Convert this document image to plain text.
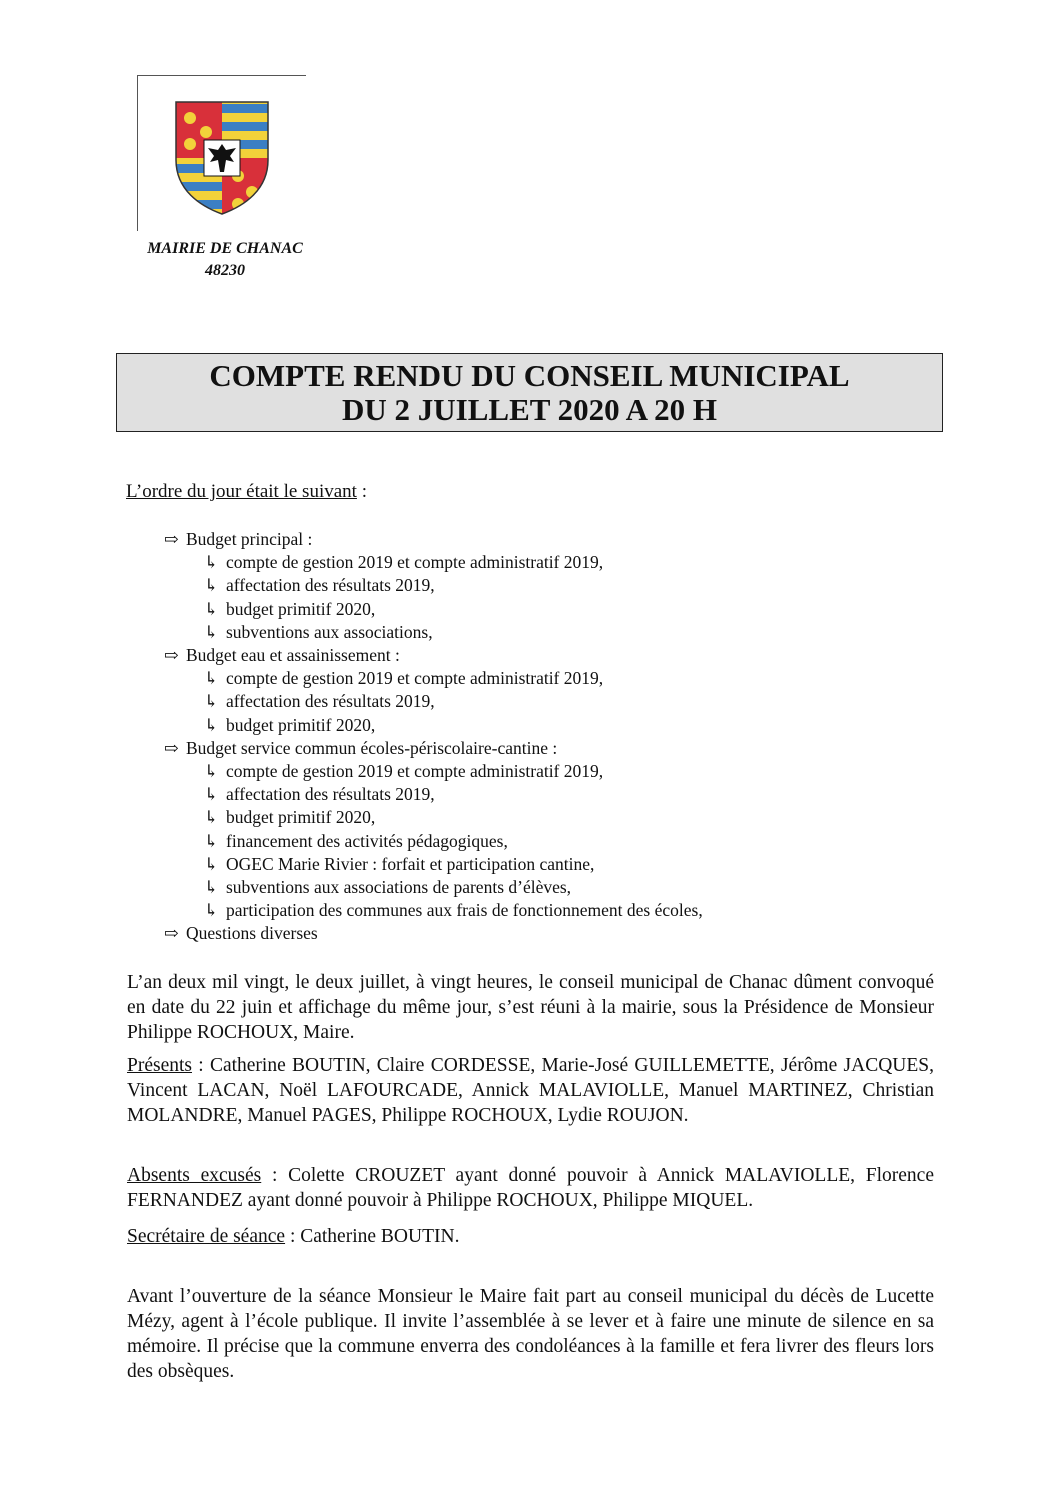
MAIRIE DE CHANAC
48230
COMPTE RENDU DU CONSEIL MUNICIPAL
DU 2 JUILLET 2020 A 20 H
L’ordre du jour était le suivant :
⇨ Budget principal :
↳ compte de gestion 2019 et compte administratif 2019,
↳ affectation des résultats 2019,
↳ budget primitif 2020,
↳ subventions aux associations,
⇨ Budget eau et assainissement :
↳ compte de gestion 2019 et compte administratif 2019,
↳ affectation des résultats 2019,
↳ budget primitif 2020,
⇨ Budget service commun écoles-périscolaire-cantine :
↳ compte de gestion 2019 et compte administratif 2019,
↳ affectation des résultats 2019,
↳ budget primitif 2020,
↳ financement des activités pédagogiques,
↳ OGEC Marie Rivier : forfait et participation cantine,
↳ subventions aux associations de parents d’élèves,
↳ participation des communes aux frais de fonctionnement des écoles,
⇨ Questions diverses
L’an deux mil vingt, le deux juillet, à vingt heures, le conseil municipal de Chanac dûment convoqué en date du 22 juin et affichage du même jour, s’est réuni à la mairie, sous la Présidence de Monsieur Philippe ROCHOUX, Maire.
Présents : Catherine BOUTIN, Claire CORDESSE, Marie-José GUILLEMETTE, Jérôme JACQUES, Vincent LACAN, Noël LAFOURCADE, Annick MALAVIOLLE, Manuel MARTINEZ, Christian MOLANDRE, Manuel PAGES, Philippe ROCHOUX, Lydie ROUJON.
Absents excusés : Colette CROUZET ayant donné pouvoir à Annick MALAVIOLLE, Florence FERNANDEZ ayant donné pouvoir à Philippe ROCHOUX, Philippe MIQUEL.
Secrétaire de séance : Catherine BOUTIN.
Avant l’ouverture de la séance Monsieur le Maire fait part au conseil municipal du décès de Lucette Mézy, agent à l’école publique. Il invite l’assemblée à se lever et à faire une minute de silence en sa mémoire. Il précise que la commune enverra des condoléances à la famille et fera livrer des fleurs lors des obsèques.
